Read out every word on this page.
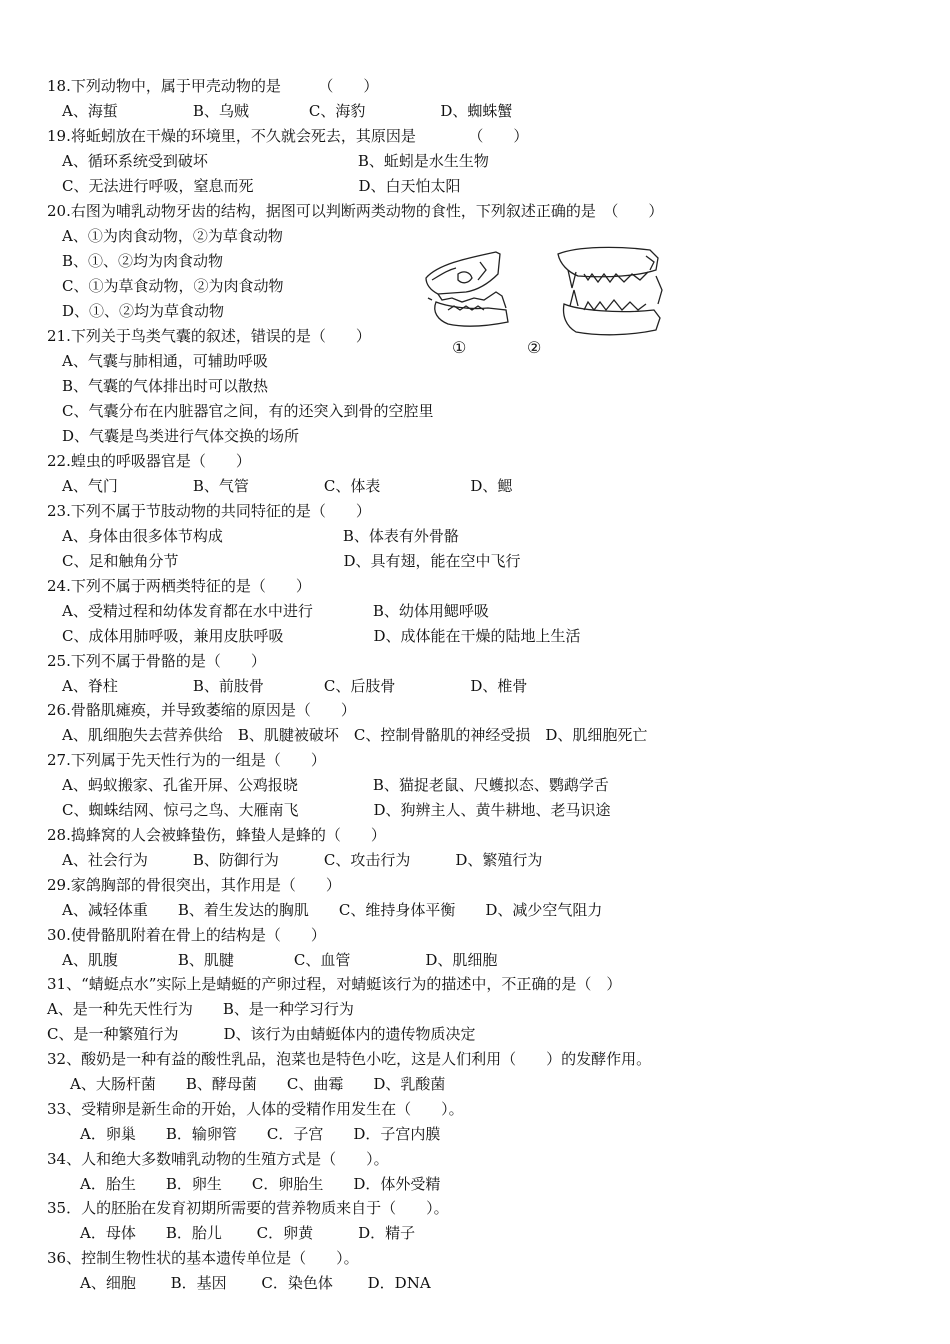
18.下列动物中，属于甲壳动物的是　　　（　　）
A、海蜇　　　　　B、乌贼　　　　C、海豹　　　　　D、蜘蛛蟹
19.将蚯蚓放在干燥的环境里，不久就会死去，其原因是　　　　（　　）
A、循环系统受到破坏　　　　　　　　　　B、蚯蚓是水生生物
C、无法进行呼吸，窒息而死　　　　　　　D、白天怕太阳
20.右图为哺乳动物牙齿的结构，据图可以判断两类动物的食性，下列叙述正确的是　（　　）
A、①为肉食动物，②为草食动物
B、①、②均为肉食动物
C、①为草食动物，②为肉食动物
D、①、②均为草食动物
21.下列关于鸟类气囊的叙述，错误的是（　　）
A、气囊与肺相通，可辅助呼吸
B、气囊的气体排出时可以散热
C、气囊分布在内脏器官之间，有的还突入到骨的空腔里
D、气囊是鸟类进行气体交换的场所
22.蝗虫的呼吸器官是（　　）
A、气门　　　　　B、气管　　　　　C、体表　　　　　　D、鳃
23.下列不属于节肢动物的共同特征的是（　　）
A、身体由很多体节构成　　　　　　　　B、体表有外骨骼
C、足和触角分节　　　　　　　　　　　D、具有翅，能在空中飞行
24.下列不属于两栖类特征的是（　　）
A、受精过程和幼体发育都在水中进行　　　　B、幼体用鳃呼吸
C、成体用肺呼吸，兼用皮肤呼吸　　　　　　D、成体能在干燥的陆地上生活
25.下列不属于骨骼的是（　　）
A、脊柱　　　　　B、前肢骨　　　　C、后肢骨　　　　　D、椎骨
26.骨骼肌瘫痪，并导致萎缩的原因是（　　）
A、肌细胞失去营养供给　B、肌腱被破坏　C、控制骨骼肌的神经受损　D、肌细胞死亡
27.下列属于先天性行为的一组是（　　）
A、蚂蚁搬家、孔雀开屏、公鸡报晓　　　　　B、猫捉老鼠、尺蠖拟态、鹦鹉学舌
C、蜘蛛结网、惊弓之鸟、大雁南飞　　　　　D、狗辨主人、黄牛耕地、老马识途
28.捣蜂窝的人会被蜂蛰伤，蜂蛰人是蜂的（　　）
A、社会行为　　　B、防御行为　　　C、攻击行为　　　D、繁殖行为
29.家鸽胸部的骨很突出，其作用是（　　）
A、减轻体重　　B、着生发达的胸肌　　C、维持身体平衡　　D、减少空气阻力
30.使骨骼肌附着在骨上的结构是（　　）
A、肌腹　　　　B、肌腱　　　　C、血管　　　　　D、肌细胞
31、“蜻蜓点水”实际上是蜻蜓的产卵过程，对蜻蜓该行为的描述中，不正确的是（　）
A、是一种先天性行为　　B、是一种学习行为
C、是一种繁殖行为　　　D、该行为由蜻蜓体内的遗传物质决定
32、酸奶是一种有益的酸性乳品，泡菜也是特色小吃，这是人们利用（　　）的发酵作用。
A、大肠杆菌　　B、酵母菌　　C、曲霉　　D、乳酸菌
33、受精卵是新生命的开始，人体的受精作用发生在（　　）。
A．卵巢　　B．输卵管　　C．子宫　　D．子宫内膜
34、人和绝大多数哺乳动物的生殖方式是（　　）。
A．胎生　　B．卵生　　C．卵胎生　　D．体外受精
35．人的胚胎在发育初期所需要的营养物质来自于（　　）。
A．母体　　B．胎儿　　 C．卵黄　　　D．精子
36、控制生物性状的基本遗传单位是（　　）。
A、细胞　　 B．基因　　 C．染色体　　 D．DNA
①	②
